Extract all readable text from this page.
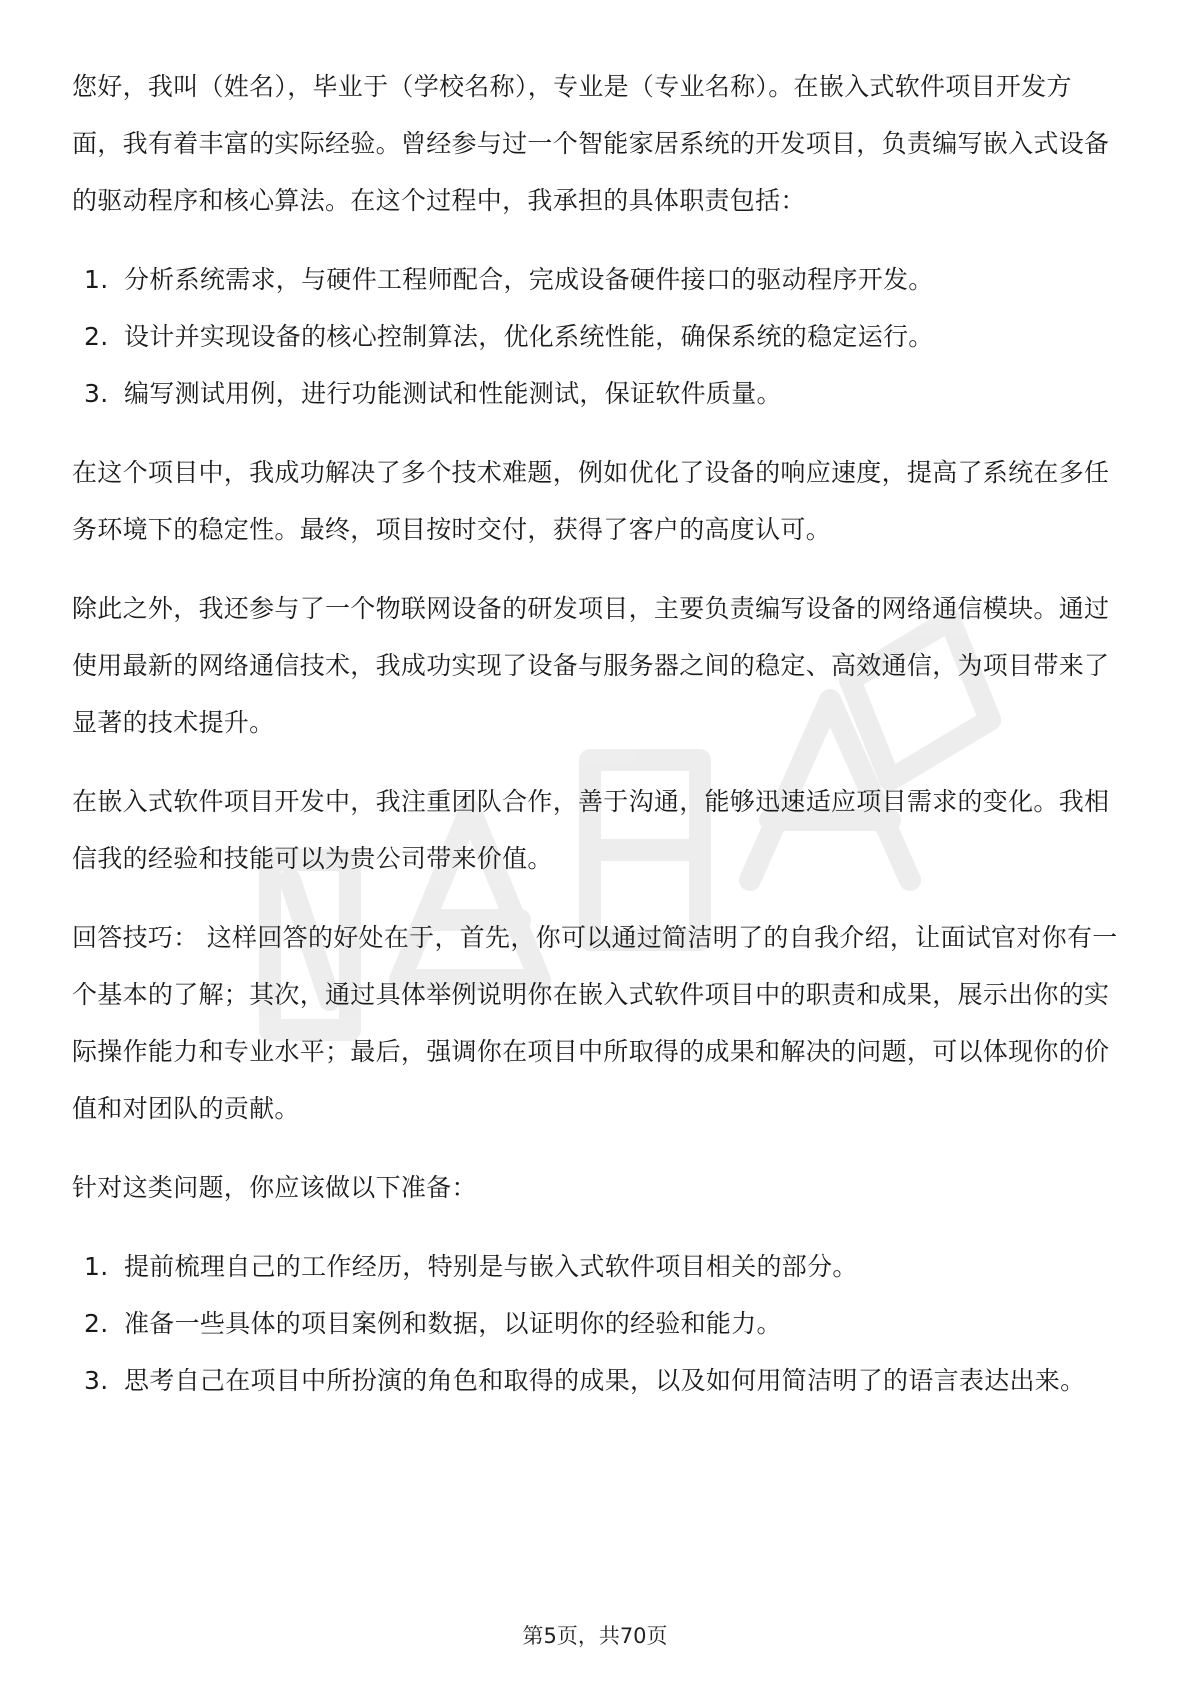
您好，我叫（姓名），毕业于（学校名称），专业是（专业名称）。在嵌入式软件项目开发方面，我有着丰富的实际经验。曾经参与过一个智能家居系统的开发项目，负责编写嵌入式设备的驱动程序和核心算法。在这个过程中，我承担的具体职责包括：

1. 分析系统需求，与硬件工程师配合，完成设备硬件接口的驱动程序开发。
2. 设计并实现设备的核心控制算法，优化系统性能，确保系统的稳定运行。
3. 编写测试用例，进行功能测试和性能测试，保证软件质量。

在这个项目中，我成功解决了多个技术难题，例如优化了设备的响应速度，提高了系统在多任务环境下的稳定性。最终，项目按时交付，获得了客户的高度认可。

除此之外，我还参与了一个物联网设备的研发项目，主要负责编写设备的网络通信模块。通过使用最新的网络通信技术，我成功实现了设备与服务器之间的稳定、高效通信，为项目带来了显著的技术提升。

在嵌入式软件项目开发中，我注重团队合作，善于沟通，能够迅速适应项目需求的变化。我相信我的经验和技能可以为贵公司带来价值。

回答技巧： 这样回答的好处在于，首先，你可以通过简洁明了的自我介绍，让面试官对你有一个基本的了解；其次，通过具体举例说明你在嵌入式软件项目中的职责和成果，展示出你的实际操作能力和专业水平；最后，强调你在项目中所取得的成果和解决的问题，可以体现你的价值和对团队的贡献。

针对这类问题，你应该做以下准备：

1. 提前梳理自己的工作经历，特别是与嵌入式软件项目相关的部分。
2. 准备一些具体的项目案例和数据，以证明你的经验和能力。
3. 思考自己在项目中所扮演的角色和取得的成果，以及如何用简洁明了的语言表达出来。
第5页，共70页
